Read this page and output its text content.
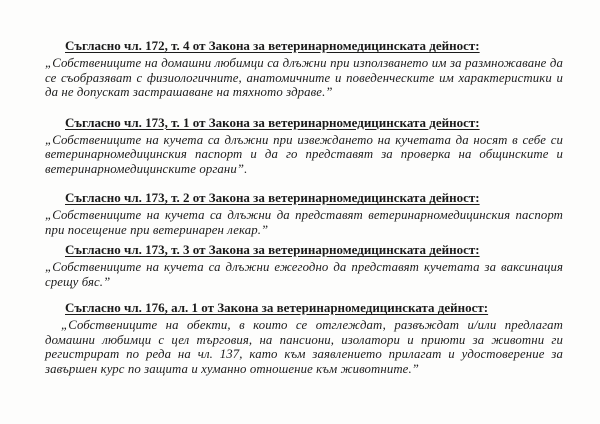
Съгласно чл. 172, т. 4 от Закона за ветеринарномедицинската дейност:
„Собствениците на домашни любимци са длъжни при използването им за размножаване да
се съобразяват с физиологичните, анатомичните и поведенческите им характеристики и
да не допускат застрашаване на тяхното здраве.”
Съгласно чл. 173, т. 1 от Закона за ветеринарномедицинската дейност:
„Собствениците на кучета са длъжни при извеждането на кучетата да носят в себе си
ветеринарномедицинския паспорт и да го представят за проверка на общинските и
ветеринарномедицинските органи”.
Съгласно чл. 173, т. 2 от Закона за ветеринарномедицинската дейност:
„Собствениците на кучета са длъжни да представят ветеринарномедицинския паспорт
при посещение при ветеринарен лекар.”
Съгласно чл. 173, т. 3 от Закона за ветеринарномедицинската дейност:
„Собствениците на кучета са длъжни ежегодно да представят кучетата за ваксинация
срещу бяс.”
Съгласно чл. 176, ал. 1 от Закона за ветеринарномедицинската дейност:
„Собствениците на обекти, в които се отглеждат, развъждат и/или предлагат
домашни любимци с цел търговия, на пансиони, изолатори и приюти за животни ги
регистрират по реда на чл. 137, като към заявлението прилагат и удостоверение за
завършен курс по защита и хуманно отношение към животните.”
